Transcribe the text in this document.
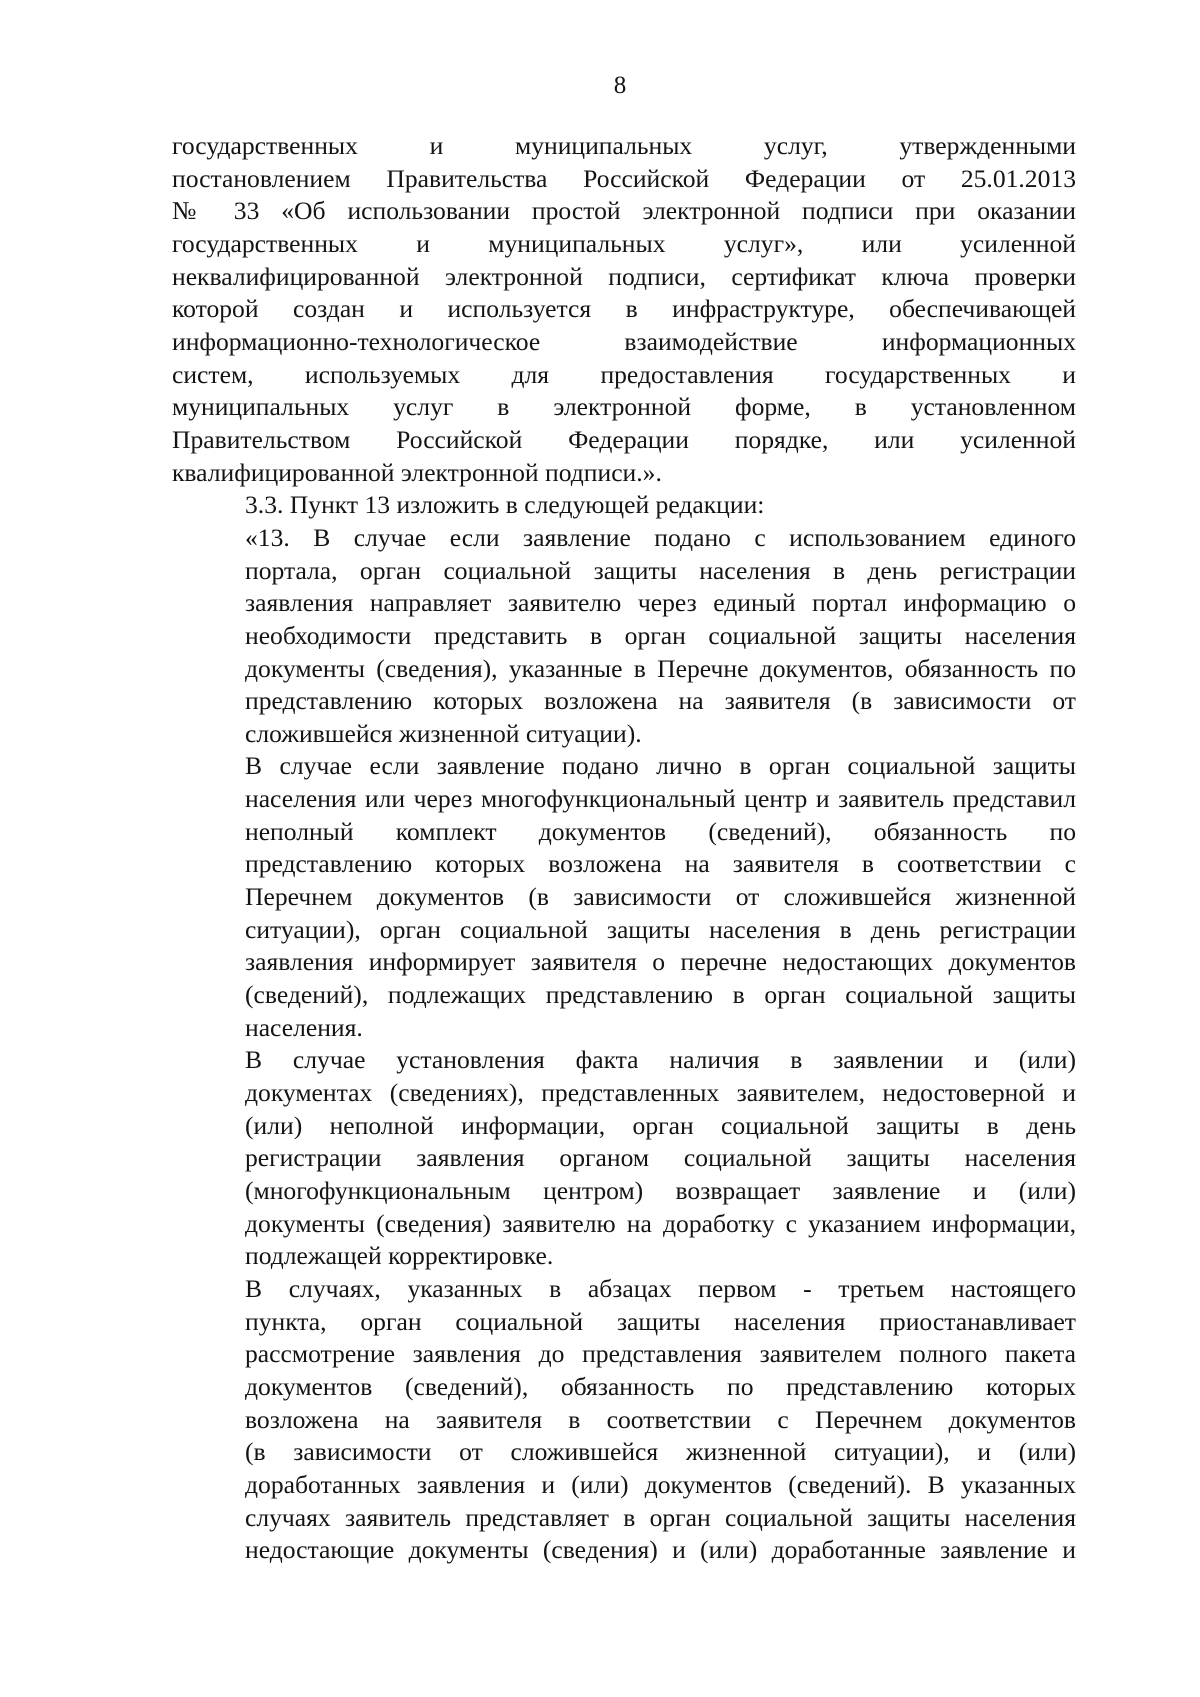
8
государственных и муниципальных услуг, утвержденными
постановлением Правительства Российской Федерации от 25.01.2013
№ 33 «Об использовании простой электронной подписи при оказании
государственных и муниципальных услуг», или усиленной
неквалифицированной электронной подписи, сертификат ключа проверки
которой создан и используется в инфраструктуре, обеспечивающей
информационно-технологическое взаимодействие информационных
систем, используемых для предоставления государственных и
муниципальных услуг в электронной форме, в установленном
Правительством Российской Федерации порядке, или усиленной
квалифицированной электронной подписи.».
3.3. Пункт 13 изложить в следующей редакции:
«13. В случае если заявление подано с использованием единого
портала, орган социальной защиты населения в день регистрации
заявления направляет заявителю через единый портал информацию о
необходимости представить в орган социальной защиты населения
документы (сведения), указанные в Перечне документов, обязанность по
представлению которых возложена на заявителя (в зависимости от
сложившейся жизненной ситуации).
В случае если заявление подано лично в орган социальной защиты
населения или через многофункциональный центр и заявитель представил
неполный комплект документов (сведений), обязанность по
представлению которых возложена на заявителя в соответствии с
Перечнем документов (в зависимости от сложившейся жизненной
ситуации), орган социальной защиты населения в день регистрации
заявления информирует заявителя о перечне недостающих документов
(сведений), подлежащих представлению в орган социальной защиты
населения.
В случае установления факта наличия в заявлении и (или)
документах (сведениях), представленных заявителем, недостоверной и
(или) неполной информации, орган социальной защиты в день
регистрации заявления органом социальной защиты населения
(многофункциональным центром) возвращает заявление и (или)
документы (сведения) заявителю на доработку с указанием информации,
подлежащей корректировке.
В случаях, указанных в абзацах первом - третьем настоящего
пункта, орган социальной защиты населения приостанавливает
рассмотрение заявления до представления заявителем полного пакета
документов (сведений), обязанность по представлению которых
возложена на заявителя в соответствии с Перечнем документов
(в зависимости от сложившейся жизненной ситуации), и (или)
доработанных заявления и (или) документов (сведений). В указанных
случаях заявитель представляет в орган социальной защиты населения
недостающие документы (сведения) и (или) доработанные заявление и
